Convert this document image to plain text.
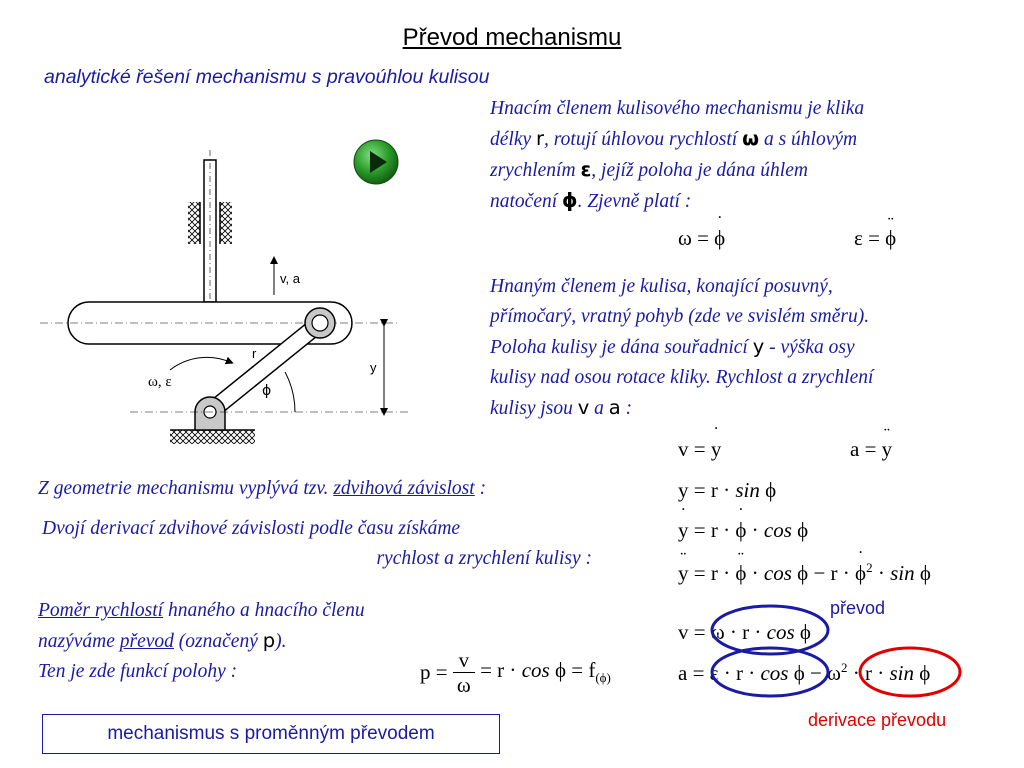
Převod mechanismu
analytické řešení mechanismu s pravoúhlou kulisou
v, a
r
y
ω, ε
ϕ
Hnacím členem kulisového mechanismu je klika
délky r, rotují úhlovou rychlostí ω a s úhlovým
zrychlením ε, jejíž poloha je dána úhlem
natočení ϕ. Zjevně platí :
ω = ˙ ϕ	ε = ¨ ϕ
Hnaným členem je kulisa, konající posuvný,
přímočarý, vratný pohyb (zde ve svislém směru).
Poloha kulisy je dána souřadnicí y - výška osy
kulisy nad osou rotace kliky. Rychlost a zrychlení
kulisy jsou v a a :
v = ˙ y	a = ¨ y
Z geometrie mechanismu vyplývá tzv. zdvihová závislost :	y = r · sin ϕ
Dvojí derivací zdvihové závislosti podle času získáme
rychlost a zrychlení kulisy :
˙ y = r · ˙ ϕ · cos ϕ
¨ y = r · ¨ ϕ · cos ϕ − r · ˙ $\phi^2 \cdot \sin \phi$
Poměr rychlostí hnaného a hnacího členu
nazýváme převod (označený p).
Ten je zde funkcí polohy :	$p = \frac{v}{\omega} = r \cdot \cos \phi = f_{(\phi)}$
převod
v = ω · r · cos ϕ
$a = \varepsilon \cdot r \cdot \cos \phi - \omega^2 \cdot r \cdot \sin \phi$
derivace převodu
mechanismus s proměnným převodem
